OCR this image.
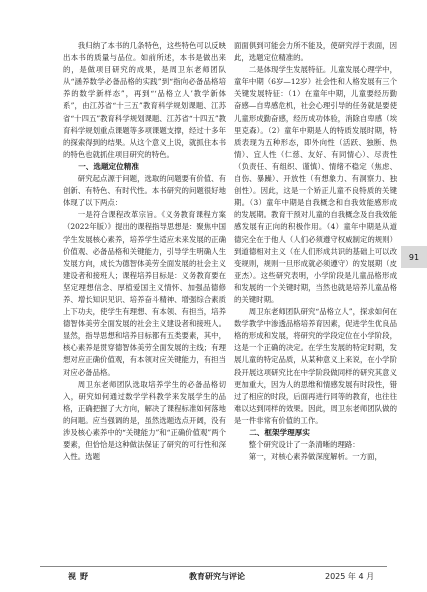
我归纳了本书的几条特色，这些特色可以反映出本书的质量与品位。如前所述，本书是做出来的，是做项目研究的成果，是周卫东老师团队从“涵养数学必备品格的实践”到“指向必备品格培养的数学新样态”，再到“‘品格立人’教学新体系”，由江苏省“十三五”教育科学规划课题、江苏省“十四五”教育科学规划课题、江苏省“十四五”教育科学规划重点课题等多项课题支撑，经过十多年的探索得到的结果。从这个意义上说，就抓住本书的特色也就抓住项目研究的特色。

一、选题定位精准

研究起点源于问题，选取的问题要有价值、有创新、有特色、有时代性。本书研究的问题很好地体现了以下两点：

一是符合课程改革宗旨。《义务教育课程方案（2022年版）》提出的课程指导思想是：聚焦中国学生发展核心素养，培养学生适应未来发展的正确价值观、必备品格和关键能力，引导学生明确人生发展方向，成长为德智体美劳全面发展的社会主义建设者和接班人；课程培养目标是：义务教育要在坚定理想信念、厚植爱国主义情怀、加强品德修养、增长知识见识、培养奋斗精神、增强综合素质上下功夫，使学生有理想、有本领、有担当，培养德智体美劳全面发展的社会主义建设者和接班人。显然，指导思想和培养目标都有五类要素，其中，核心素养是贯穿德智体美劳全面发展的主线；有理想对应正确价值观，有本领对应关键能力，有担当对应必备品格。

周卫东老师团队选取培养学生的必备品格切入，研究如何通过数学学科教学来发展学生的品格，正确把握了大方向，解决了课程标准如何落地的问题。应当强调的是，虽然选题选点开阔，没有涉及核心素养中的“关键能力”和“正确价值观”两个要素，但恰恰是这种做法保证了研究的可行性和深入性。选题

面面俱到可能会力所不能及，使研究浮于表面，因此，选题定位精准的。

二是体现学生发展特征。儿童发展心理学中，童年中期（6岁—12岁）社会性和人格发展有三个关键发展特征：（1）在童年中期，儿童要经历勤奋感—自卑感危机，社会心理引导的任务就是要使儿童形成勤奋感，经历成功体验，消除自卑感（埃里克森）。（2）童年中期是人的特质发展时期，特质表现为五种形态，即外向性（活跃、独断、热情）、宜人性（仁慈、友好、有同情心）、尽责性（负责任、有组织、谨慎）、情绪不稳定（焦虑、自伤、暴躁）、开放性（有想象力、有洞察力、独创性）。因此，这是一个矫正儿童不良特质的关键期。（3）童年中期是自我概念和自我效能感形成的发展期。教育干预对儿童的自我概念及自我效能感发展有正向的积极作用。（4）童年中期是从道德完全在于他人（人们必须遵守权威制定的规则）到道德相对主义（在人们形成共识的基础上可以改变规则，规则一旦形成就必须遵守）的发展期（皮亚杰）。这些研究表明，小学阶段是儿童品格形成和发展的一个关键时期，当然也就是培养儿童品格的关键时期。

周卫东老师团队研究“品格立人”，探求如何在数学教学中渗透品格培养育因素，促进学生优良品格的形成和发展，将研究的学段定位在小学阶段，这是一个正确的决定。在学生发展的特定时期，发展儿童的特定品质，从某种意义上来说，在小学阶段开展这项研究比在中学阶段做同样的研究其意义更加重大，因为人的思维和情感发展有时段性，错过了相应的时段，后面再进行同等的教育，也往往难以达到同样的效果。因此，周卫东老师团队做的是一件非常有价值的工作。

二、框架学理厚实

整个研究设计了一条清晰的理路：

第一，对核心素养做深度解析。一方面，

91
视野	教育研究与评论	2025 年 4 月
